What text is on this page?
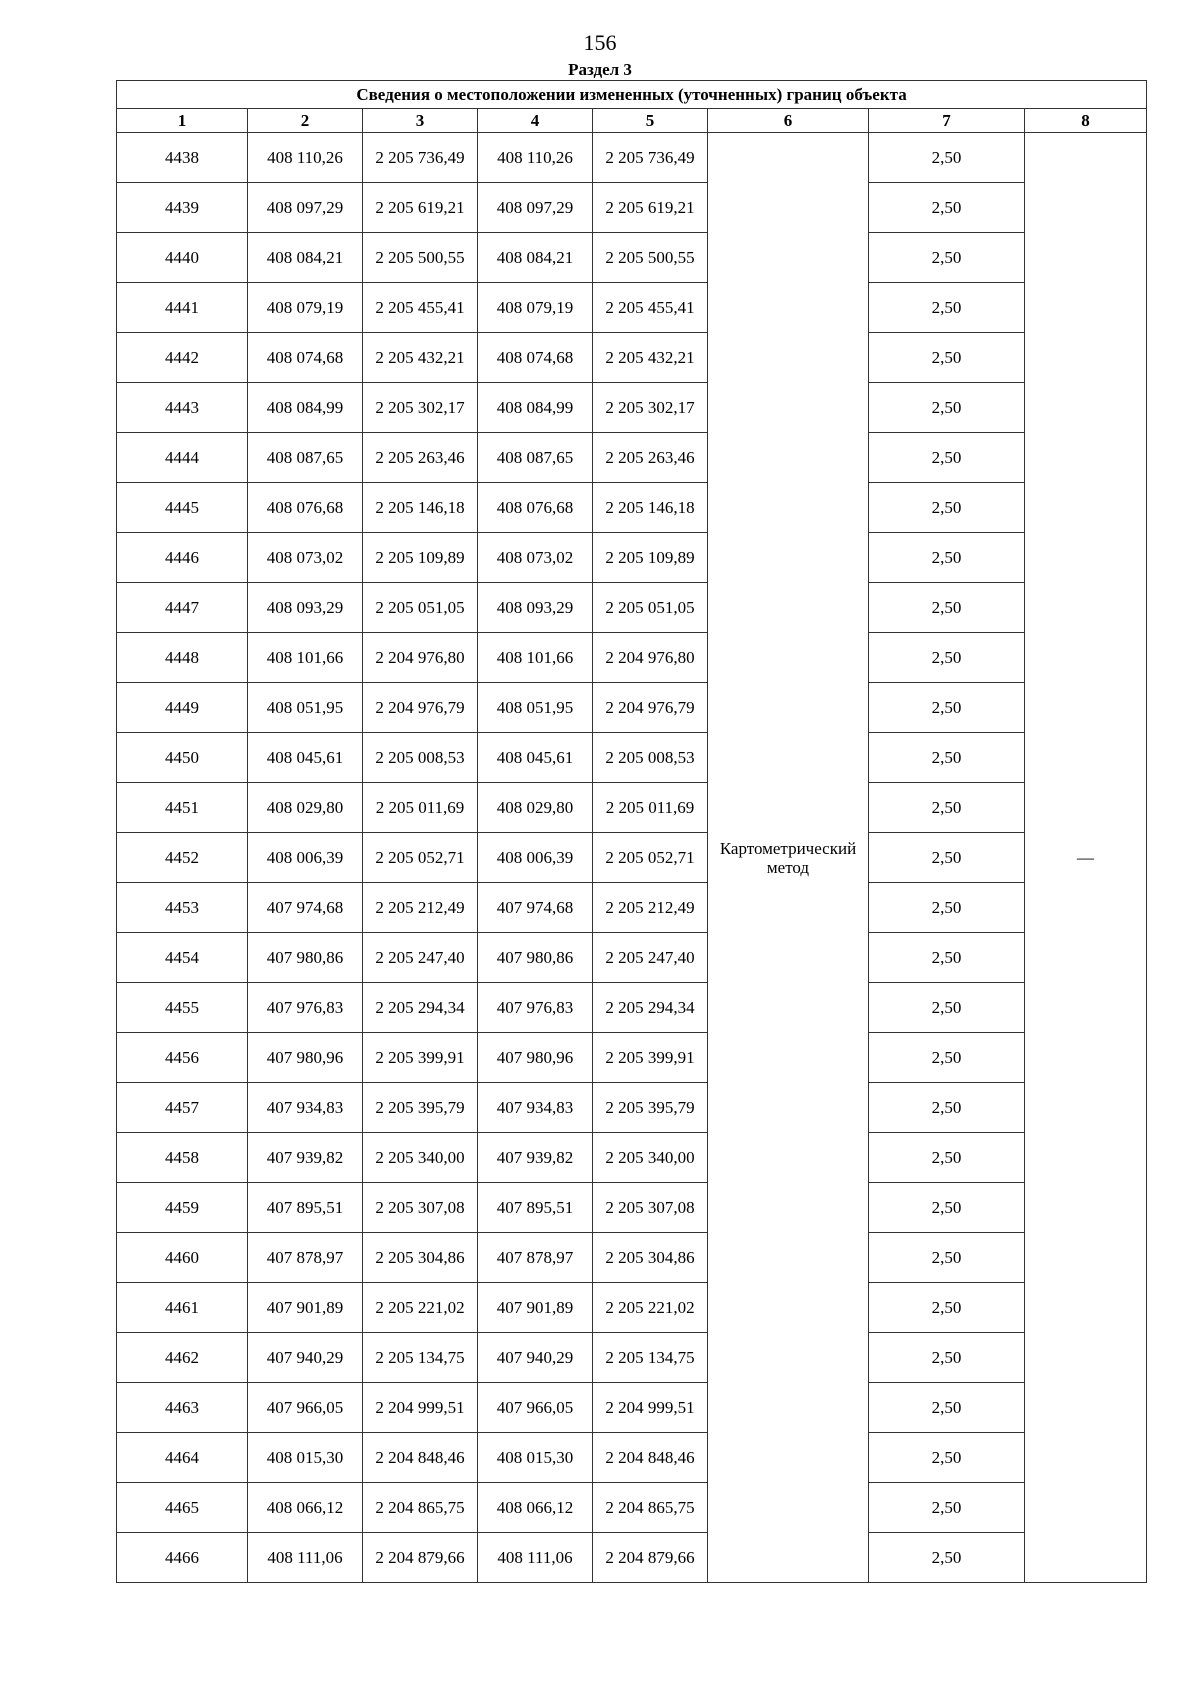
156
Раздел 3
Сведения о местоположении измененных (уточненных) границ объекта							
1	2	3	4	5	6	7	8
4438	408 110,26	2 205 736,49	408 110,26	2 205 736,49	Картометрический метод	2,50	—
4439	408 097,29	2 205 619,21	408 097,29	2 205 619,21		2,50	
4440	408 084,21	2 205 500,55	408 084,21	2 205 500,55		2,50	
4441	408 079,19	2 205 455,41	408 079,19	2 205 455,41		2,50	
4442	408 074,68	2 205 432,21	408 074,68	2 205 432,21		2,50	
4443	408 084,99	2 205 302,17	408 084,99	2 205 302,17		2,50	
4444	408 087,65	2 205 263,46	408 087,65	2 205 263,46		2,50	
4445	408 076,68	2 205 146,18	408 076,68	2 205 146,18		2,50	
4446	408 073,02	2 205 109,89	408 073,02	2 205 109,89		2,50	
4447	408 093,29	2 205 051,05	408 093,29	2 205 051,05		2,50	
4448	408 101,66	2 204 976,80	408 101,66	2 204 976,80		2,50	
4449	408 051,95	2 204 976,79	408 051,95	2 204 976,79		2,50	
4450	408 045,61	2 205 008,53	408 045,61	2 205 008,53		2,50	
4451	408 029,80	2 205 011,69	408 029,80	2 205 011,69		2,50	
4452	408 006,39	2 205 052,71	408 006,39	2 205 052,71		2,50	
4453	407 974,68	2 205 212,49	407 974,68	2 205 212,49		2,50	
4454	407 980,86	2 205 247,40	407 980,86	2 205 247,40		2,50	
4455	407 976,83	2 205 294,34	407 976,83	2 205 294,34		2,50	
4456	407 980,96	2 205 399,91	407 980,96	2 205 399,91		2,50	
4457	407 934,83	2 205 395,79	407 934,83	2 205 395,79		2,50	
4458	407 939,82	2 205 340,00	407 939,82	2 205 340,00		2,50	
4459	407 895,51	2 205 307,08	407 895,51	2 205 307,08		2,50	
4460	407 878,97	2 205 304,86	407 878,97	2 205 304,86		2,50	
4461	407 901,89	2 205 221,02	407 901,89	2 205 221,02		2,50	
4462	407 940,29	2 205 134,75	407 940,29	2 205 134,75		2,50	
4463	407 966,05	2 204 999,51	407 966,05	2 204 999,51		2,50	
4464	408 015,30	2 204 848,46	408 015,30	2 204 848,46		2,50	
4465	408 066,12	2 204 865,75	408 066,12	2 204 865,75		2,50	
4466	408 111,06	2 204 879,66	408 111,06	2 204 879,66		2,50	
